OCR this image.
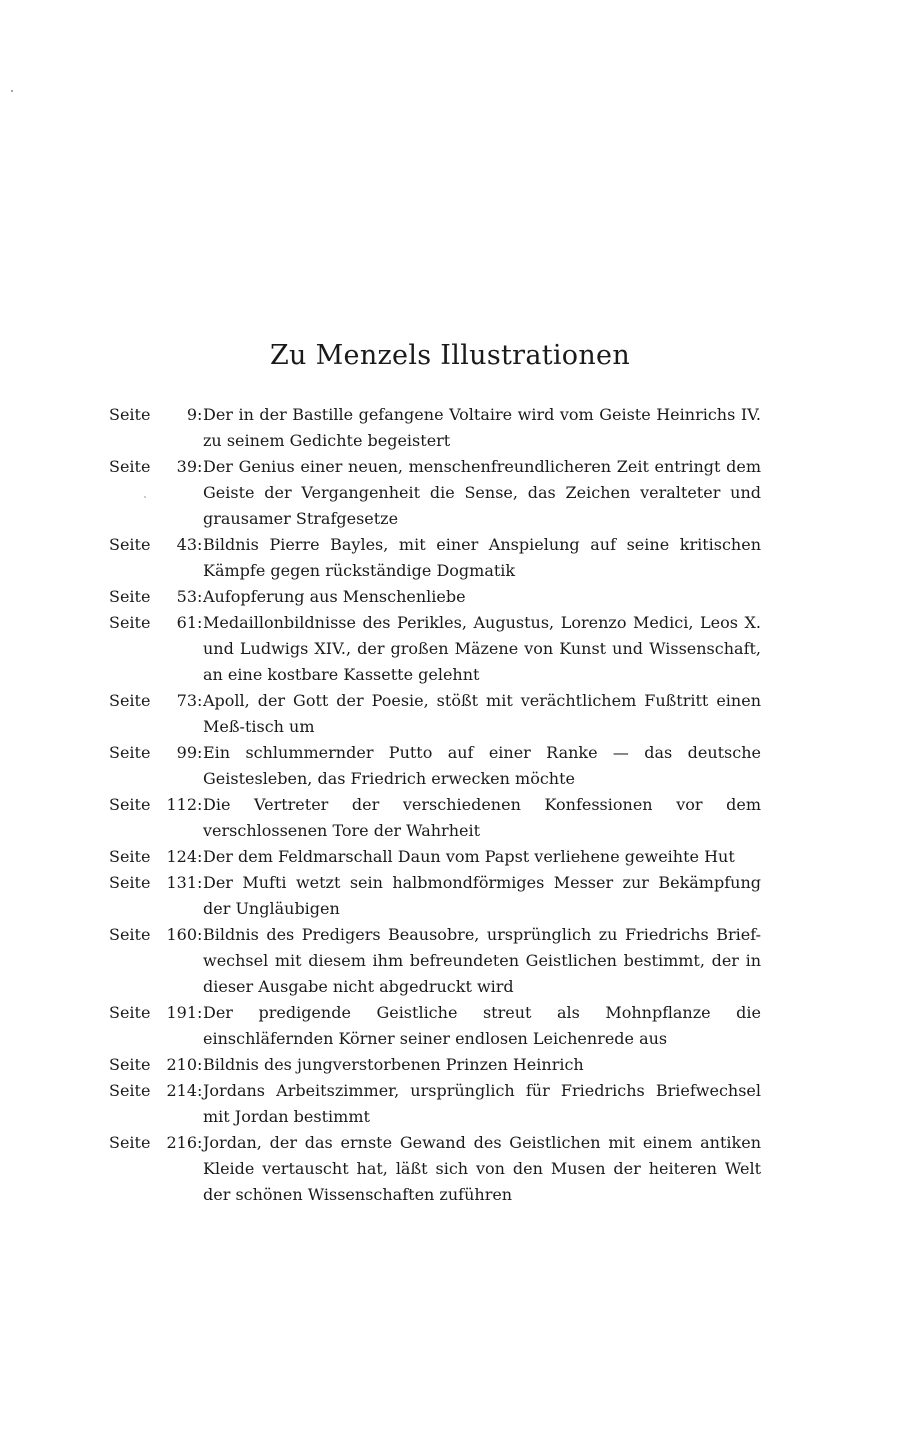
Zu Menzels Illustrationen
Seite	9 : Der in der Bastille gefangene Voltaire wird vom Geiste Heinrichs IV. zu seinem Gedichte begeistert
Seite	39 : Der Genius einer neuen, menschenfreundlicheren Zeit entringt dem Geiste der Vergangenheit die Sense, das Zeichen veralteter und grausamer Strafgesetze
Seite	43 : Bildnis Pierre Bayles, mit einer Anspielung auf seine kritischen Kämpfe gegen rückständige Dogmatik
Seite	53 : Aufopferung aus Menschenliebe
Seite	61 : Medaillonbildnisse des Perikles, Augustus, Lorenzo Medici, Leos X. und Ludwigs XIV., der großen Mäzene von Kunst und Wissenschaft, an eine kostbare Kassette gelehnt
Seite	73 : Apoll, der Gott der Poesie, stößt mit verächtlichem Fußtritt einen Meß-tisch um
Seite	99 : Ein schlummernder Putto auf einer Ranke — das deutsche Geistesleben, das Friedrich erwecken möchte
Seite	112 : Die Vertreter der verschiedenen Konfessionen vor dem verschlossenen Tore der Wahrheit
Seite	124 : Der dem Feldmarschall Daun vom Papst verliehene geweihte Hut
Seite	131 : Der Mufti wetzt sein halbmondförmiges Messer zur Bekämpfung der Ungläubigen
Seite	160 : Bildnis des Predigers Beausobre, ursprünglich zu Friedrichs Brief-wechsel mit diesem ihm befreundeten Geistlichen bestimmt, der in dieser Ausgabe nicht abgedruckt wird
Seite	191 : Der predigende Geistliche streut als Mohnpflanze die einschläfernden Körner seiner endlosen Leichenrede aus
Seite	210 : Bildnis des jungverstorbenen Prinzen Heinrich
Seite	214 : Jordans Arbeitszimmer, ursprünglich für Friedrichs Briefwechsel mit Jordan bestimmt
Seite	216 : Jordan, der das ernste Gewand des Geistlichen mit einem antiken Kleide vertauscht hat, läßt sich von den Musen der heiteren Welt der schönen Wissenschaften zuführen
